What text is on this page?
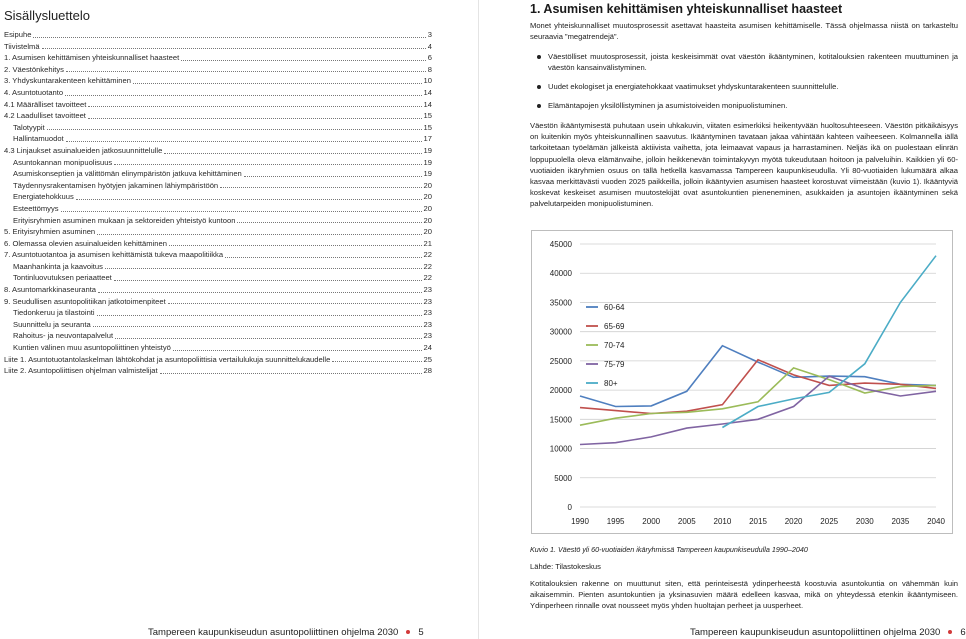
Sisällysluettelo
Esipuhe	3
Tiivistelmä	4
1. Asumisen kehittämisen yhteiskunnalliset haasteet	6
2. Väestönkehitys	8
3. Yhdyskuntarakenteen kehittäminen	10
4. Asuntotuotanto	14
4.1 Määrälliset tavoitteet	14
4.2 Laadulliset tavoitteet	15
Talotyypit	15
Hallintamuodot	17
4.3 Linjaukset asuinalueiden jatkosuunnittelulle	19
Asuntokannan monipuolisuus	19
Asumiskonseptien ja välittömän elinympäristön jatkuva kehittäminen	19
Täydennysrakentamisen hyötyjen jakaminen lähiympäristöön	20
Energiatehokkuus	20
Esteettömyys	20
Erityisryhmien asuminen mukaan ja sektoreiden yhteistyö kuntoon	20
5. Erityisryhmien asuminen	20
6. Olemassa olevien asuinalueiden kehittäminen	21
7. Asuntotuotantoa ja asumisen kehittämistä tukeva maapolitiikka	22
Maanhankinta ja kaavoitus	22
Tontinluovutuksen periaatteet	22
8. Asuntomarkkinaseuranta	23
9. Seudullisen asuntopolitiikan jatkotoimenpiteet	23
Tiedonkeruu ja tilastointi	23
Suunnittelu ja seuranta	23
Rahoitus- ja neuvontapalvelut	23
Kuntien välinen muu asuntopoliittinen yhteistyö	24
Liite 1. Asuntotuotantolaskelman lähtökohdat ja asuntopoliittisia vertailulukuja suunnittelukaudelle	25
Liite 2. Asuntopoliittisen ohjelman valmistelijat	28
Tampereen kaupunkiseudun asuntopoliittinen ohjelma 2030 5
1. Asumisen kehittämisen yhteiskunnalliset haasteet

Monet yhteiskunnalliset muutosprosessit asettavat haasteita asumisen kehittämiselle. Tässä ohjelmassa niistä on tarkasteltu seuraavia ”megatrendejä”.

Väestölliset muutosprosessit, joista keskeisimmät ovat väestön ikääntyminen, kotitalouksien rakenteen muuttuminen ja väestön kansainvälistyminen.
Uudet ekologiset ja energiatehokkaat vaatimukset yhdyskuntarakenteen suunnittelulle.
Elämäntapojen yksilöllistyminen ja asumistoiveiden monipuolistuminen.

Väestön ikääntymisestä puhutaan usein uhkakuvin, viitaten esimerkiksi heikentyvään huoltosuhteeseen. Väestön pitkäikäisyys on kuitenkin myös yhteiskunnallinen saavutus. Ikääntyminen tavataan jakaa vähintään kahteen vaiheeseen. Kolmannella iällä tarkoitetaan työelämän jälkeistä aktiivista vaihetta, jota leimaavat vapaus ja harrastaminen. Neljäs ikä on puolestaan elinrän loppupuolella oleva elämänvaihe, jolloin heikkenevän toimintakyvyn myötä tukeudutaan hoitoon ja palveluihin. Kaikkien yli 60-vuotiaiden ikäryhmien osuus on tällä hetkellä kasvamassa Tampereen kaupunkiseudulla. Yli 80-vuotiaiden lukumäärä alkaa kasvaa merkittävästi vuoden 2025 paikkeilla, jolloin ikääntyvien asumisen haasteet korostuvat viimeistään (kuvio 1). Ikääntyviä koskevat keskeiset asumisen muutostekijät ovat asuntokuntien pieneneminen, asukkaiden ja asuntojen ikääntyminen sekä palvelutarpeiden monipuolistuminen.

0
5000
10000
15000
20000
25000
30000
35000
40000
45000
1990 1995 2000 2005 2010 2015 2020 2025 2030 2035 2040
60-64
65-69
70-74
75-79
80+
Kuvio 1. Väestö yli 60-vuotiaiden ikäryhmissä Tampereen kaupunkiseudulla 1990–2040
Lähde: Tilastokeskus

Kotitalouksien rakenne on muuttunut siten, että perinteisestä ydinperheestä koostuvia asuntokuntia on vähemmän kuin aikaisemmin. Pienten asuntokuntien ja yksinasuvien määrä edelleen kasvaa, mikä on yhteydessä etenkin ikääntymiseen. Ydinperheen rinnalle ovat nousseet myös yhden huoltajan perheet ja uusperheet.

Tampereen kaupunkiseudun asuntopoliittinen ohjelma 2030 6
